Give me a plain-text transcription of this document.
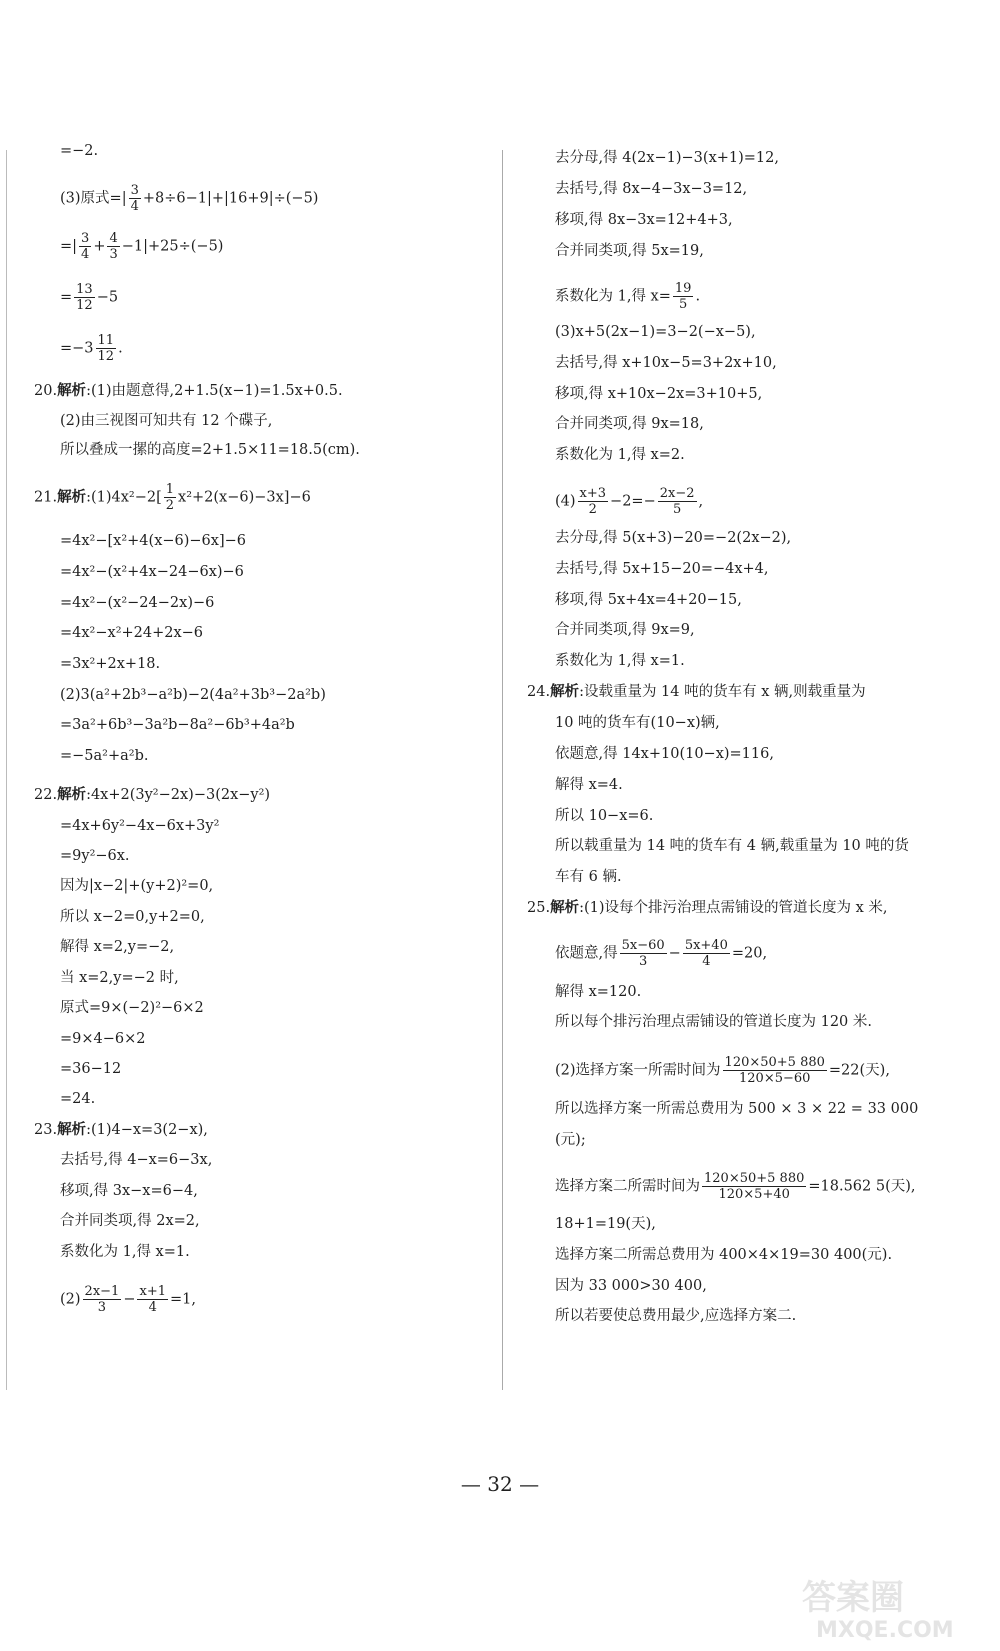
=−2.
(3)原式=| $\frac{3}{4} +8\div 6-1|+|16+9|\div(-5)$
=| $\frac{3}{4} + \frac{4}{3} -1|+25\div(-5)$
= $\frac{13}{12} -5$
$=-3 \frac{11}{12}$ .
20.解析:(1)由题意得,2+1.5(x−1)=1.5x+0.5.
(2)由三视图可知共有 12 个碟子,
所以叠成一摞的高度=2+1.5×11=18.5(cm).
21.解析:(1)4x²−2[ $\frac{1}{2} x^2+2(x-6)-3x]-6$
=4x²−[x²+4(x−6)−6x]−6
=4x²−(x²+4x−24−6x)−6
=4x²−(x²−24−2x)−6
=4x²−x²+24+2x−6
=3x²+2x+18.
(2)3(a²+2b³−a²b)−2(4a²+3b³−2a²b)
=3a²+6b³−3a²b−8a²−6b³+4a²b
=−5a²+a²b.
22.解析:4x+2(3y²−2x)−3(2x−y²)
=4x+6y²−4x−6x+3y²
=9y²−6x.
因为|x−2|+(y+2)²=0,
所以 x−2=0,y+2=0,
解得 x=2,y=−2,
当 x=2,y=−2 时,
原式=9×(−2)²−6×2
=9×4−6×2
=36−12
=24.
23.解析:(1)4−x=3(2−x),
去括号,得 4−x=6−3x,
移项,得 3x−x=6−4,
合并同类项,得 2x=2,
系数化为 1,得 x=1.
$(2) \frac{2x-1}{3} - \frac{x+1}{4} =1$,
去分母,得 4(2x−1)−3(x+1)=12,
去括号,得 8x−4−3x−3=12,
移项,得 8x−3x=12+4+3,
合并同类项,得 5x=19,
系数化为 1,得 $x= \frac{19}{5}$ .
(3)x+5(2x−1)=3−2(−x−5),
去括号,得 x+10x−5=3+2x+10,
移项,得 x+10x−2x=3+10+5,
合并同类项,得 9x=18,
系数化为 1,得 x=2.
$(4) \frac{x+3}{2} -2=- \frac{2x-2}{5}$ ,
去分母,得 5(x+3)−20=−2(2x−2),
去括号,得 5x+15−20=−4x+4,
移项,得 5x+4x=4+20−15,
合并同类项,得 9x=9,
系数化为 1,得 x=1.
24.解析:设载重量为 14 吨的货车有 x 辆,则载重量为
10 吨的货车有(10−x)辆,
依题意,得 14x+10(10−x)=116,
解得 x=4.
所以 10−x=6.
所以载重量为 14 吨的货车有 4 辆,载重量为 10 吨的货
车有 6 辆.
25.解析:(1)设每个排污治理点需铺设的管道长度为 x 米,
依题意,得 $\frac{5x-60}{3} - \frac{5x+40}{4} =20$,
解得 x=120.
所以每个排污治理点需铺设的管道长度为 120 米.
(2)选择方案一所需时间为 $\frac{120\times 50+5 880}{120\times 5-60} =22$(天),
所以选择方案一所需总费用为 500 × 3 × 22 = 33 000
(元);
选择方案二所需时间为 $\frac{120\times 50+5 880}{120\times 5+40} =18.562$ 5(天),
18+1=19(天),
选择方案二所需总费用为 400×4×19=30 400(元).
因为 33 000>30 400,
所以若要使总费用最少,应选择方案二.
— 32 —
答案圈
MXQE.COM
